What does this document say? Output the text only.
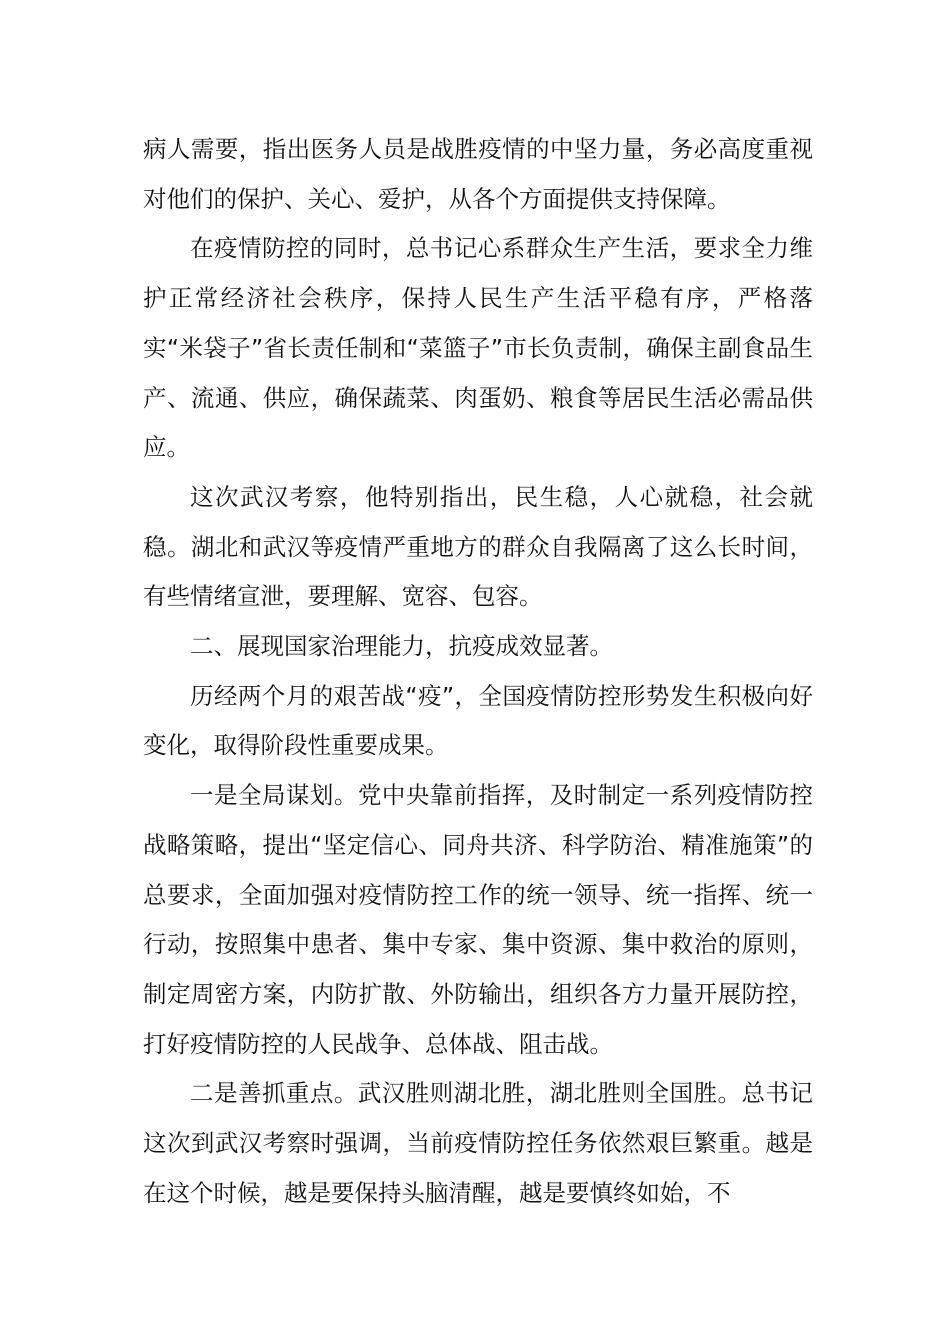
病人需要，指出医务人员是战胜疫情的中坚力量，务必高度重视对他们的保护、关心、爱护，从各个方面提供支持保障。

在疫情防控的同时，总书记心系群众生产生活，要求全力维护正常经济社会秩序，保持人民生产生活平稳有序，严格落实“米袋子”省长责任制和“菜篮子”市长负责制，确保主副食品生产、流通、供应，确保蔬菜、肉蛋奶、粮食等居民生活必需品供应。

这次武汉考察，他特别指出，民生稳，人心就稳，社会就稳。湖北和武汉等疫情严重地方的群众自我隔离了这么长时间，有些情绪宣泄，要理解、宽容、包容。

二、展现国家治理能力，抗疫成效显著。

历经两个月的艰苦战“疫”，全国疫情防控形势发生积极向好变化，取得阶段性重要成果。

一是全局谋划。党中央靠前指挥，及时制定一系列疫情防控战略策略，提出“坚定信心、同舟共济、科学防治、精准施策”的总要求，全面加强对疫情防控工作的统一领导、统一指挥、统一行动，按照集中患者、集中专家、集中资源、集中救治的原则，制定周密方案，内防扩散、外防输出，组织各方力量开展防控，打好疫情防控的人民战争、总体战、阻击战。

二是善抓重点。武汉胜则湖北胜，湖北胜则全国胜。总书记这次到武汉考察时强调，当前疫情防控任务依然艰巨繁重。越是在这个时候，越是要保持头脑清醒，越是要慎终如始，不
